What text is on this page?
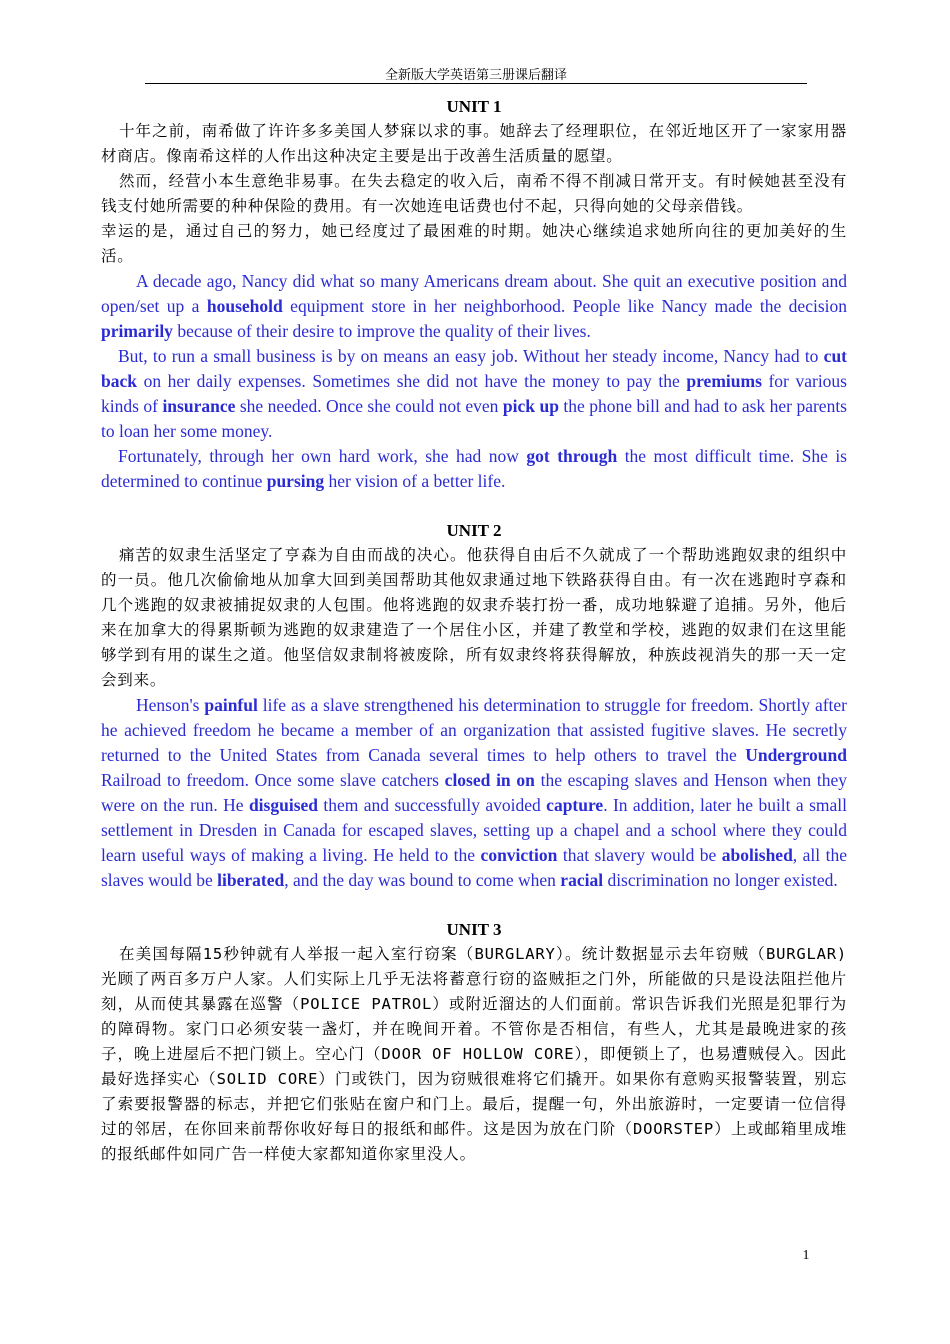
全新版大学英语第三册课后翻译
UNIT 1

十年之前，南希做了许许多多美国人梦寐以求的事。她辞去了经理职位，在邻近地区开了一家家用器材商店。像南希这样的人作出这种决定主要是出于改善生活质量的愿望。

然而，经营小本生意绝非易事。在失去稳定的收入后，南希不得不削减日常开支。有时候她甚至没有钱支付她所需要的种种保险的费用。有一次她连电话费也付不起，只得向她的父母亲借钱。

幸运的是，通过自己的努力，她已经度过了最困难的时期。她决心继续追求她所向往的更加美好的生活。

A decade ago, Nancy did what so many Americans dream about. She quit an executive position and open/set up a household equipment store in her neighborhood. People like Nancy made the decision primarily because of their desire to improve the quality of their lives.

But, to run a small business is by on means an easy job. Without her steady income, Nancy had to cut back on her daily expenses. Sometimes she did not have the money to pay the premiums for various kinds of insurance she needed. Once she could not even pick up the phone bill and had to ask her parents to loan her some money.

Fortunately, through her own hard work, she had now got through the most difficult time. She is determined to continue pursing her vision of a better life.

UNIT 2

痛苦的奴隶生活坚定了亨森为自由而战的决心。他获得自由后不久就成了一个帮助逃跑奴隶的组织中的一员。他几次偷偷地从加拿大回到美国帮助其他奴隶通过地下铁路获得自由。有一次在逃跑时亨森和几个逃跑的奴隶被捕捉奴隶的人包围。他将逃跑的奴隶乔装打扮一番，成功地躲避了追捕。另外，他后来在加拿大的得累斯顿为逃跑的奴隶建造了一个居住小区，并建了教堂和学校，逃跑的奴隶们在这里能够学到有用的谋生之道。他坚信奴隶制将被废除，所有奴隶终将获得解放，种族歧视消失的那一天一定会到来。

Henson's painful life as a slave strengthened his determination to struggle for freedom. Shortly after he achieved freedom he became a member of an organization that assisted fugitive slaves. He secretly returned to the United States from Canada several times to help others to travel the Underground Railroad to freedom. Once some slave catchers closed in on the escaping slaves and Henson when they were on the run. He disguised them and successfully avoided capture. In addition, later he built a small settlement in Dresden in Canada for escaped slaves, setting up a chapel and a school where they could learn useful ways of making a living. He held to the conviction that slavery would be abolished, all the slaves would be liberated, and the day was bound to come when racial discrimination no longer existed.

UNIT 3

在美国每隔15秒钟就有人举报一起入室行窃案（BURGLARY）。统计数据显示去年窃贼（BURGLAR)光顾了两百多万户人家。人们实际上几乎无法将蓄意行窃的盗贼拒之门外，所能做的只是设法阻拦他片刻，从而使其暴露在巡警（POLICE PATROL）或附近溜达的人们面前。常识告诉我们光照是犯罪行为的障碍物。家门口必须安装一盏灯，并在晚间开着。不管你是否相信，有些人，尤其是最晚进家的孩子，晚上进屋后不把门锁上。空心门（DOOR OF HOLLOW CORE），即便锁上了，也易遭贼侵入。因此最好选择实心（SOLID CORE）门或铁门，因为窃贼很难将它们撬开。如果你有意购买报警装置，别忘了索要报警器的标志，并把它们张贴在窗户和门上。最后，提醒一句，外出旅游时，一定要请一位信得过的邻居，在你回来前帮你收好每日的报纸和邮件。这是因为放在门阶（DOORSTEP）上或邮箱里成堆的报纸邮件如同广告一样使大家都知道你家里没人。

1
